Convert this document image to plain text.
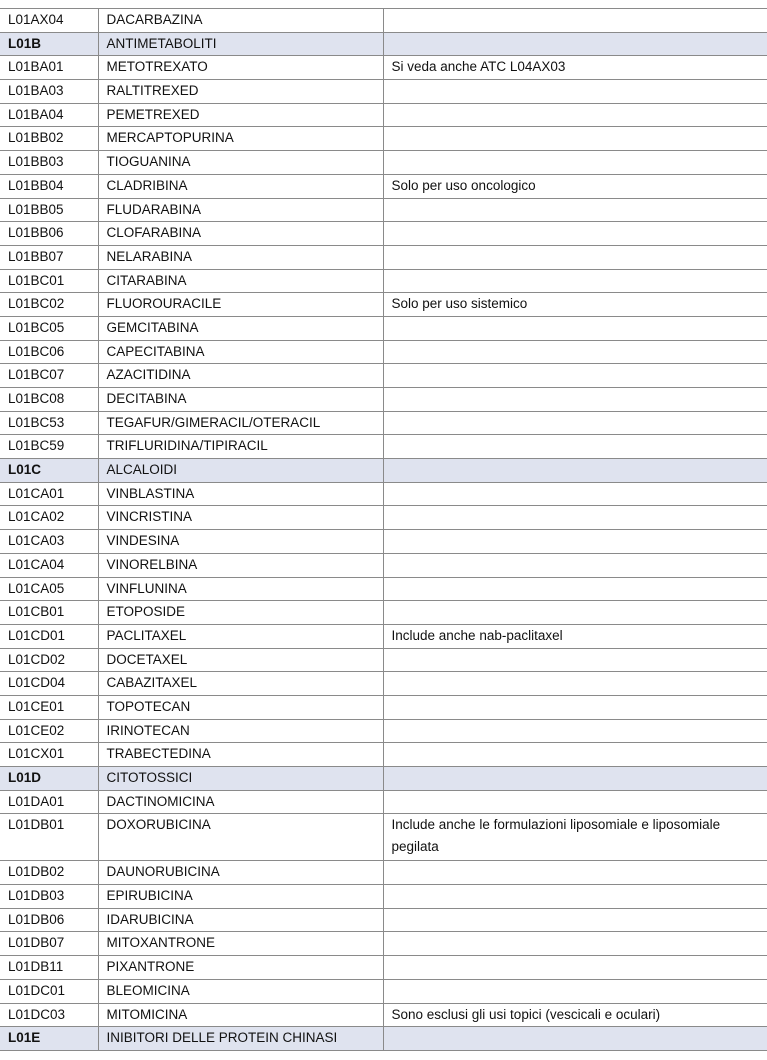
L01AX04	DACARBAZINA	
L01B	ANTIMETABOLITI	
L01BA01	METOTREXATO	Si veda anche ATC L04AX03
L01BA03	RALTITREXED	
L01BA04	PEMETREXED	
L01BB02	MERCAPTOPURINA	
L01BB03	TIOGUANINA	
L01BB04	CLADRIBINA	Solo per uso oncologico
L01BB05	FLUDARABINA	
L01BB06	CLOFARABINA	
L01BB07	NELARABINA	
L01BC01	CITARABINA	
L01BC02	FLUOROURACILE	Solo per uso sistemico
L01BC05	GEMCITABINA	
L01BC06	CAPECITABINA	
L01BC07	AZACITIDINA	
L01BC08	DECITABINA	
L01BC53	TEGAFUR/GIMERACIL/OTERACIL	
L01BC59	TRIFLURIDINA/TIPIRACIL	
L01C	ALCALOIDI	
L01CA01	VINBLASTINA	
L01CA02	VINCRISTINA	
L01CA03	VINDESINA	
L01CA04	VINORELBINA	
L01CA05	VINFLUNINA	
L01CB01	ETOPOSIDE	
L01CD01	PACLITAXEL	Include anche nab-paclitaxel
L01CD02	DOCETAXEL	
L01CD04	CABAZITAXEL	
L01CE01	TOPOTECAN	
L01CE02	IRINOTECAN	
L01CX01	TRABECTEDINA	
L01D	CITOTOSSICI	
L01DA01	DACTINOMICINA	
L01DB01	DOXORUBICINA	Include anche le formulazioni liposomiale e liposomiale pegilata
L01DB02	DAUNORUBICINA	
L01DB03	EPIRUBICINA	
L01DB06	IDARUBICINA	
L01DB07	MITOXANTRONE	
L01DB11	PIXANTRONE	
L01DC01	BLEOMICINA	
L01DC03	MITOMICINA	Sono esclusi gli usi topici (vescicali e oculari)
L01E	INIBITORI DELLE PROTEIN CHINASI	
